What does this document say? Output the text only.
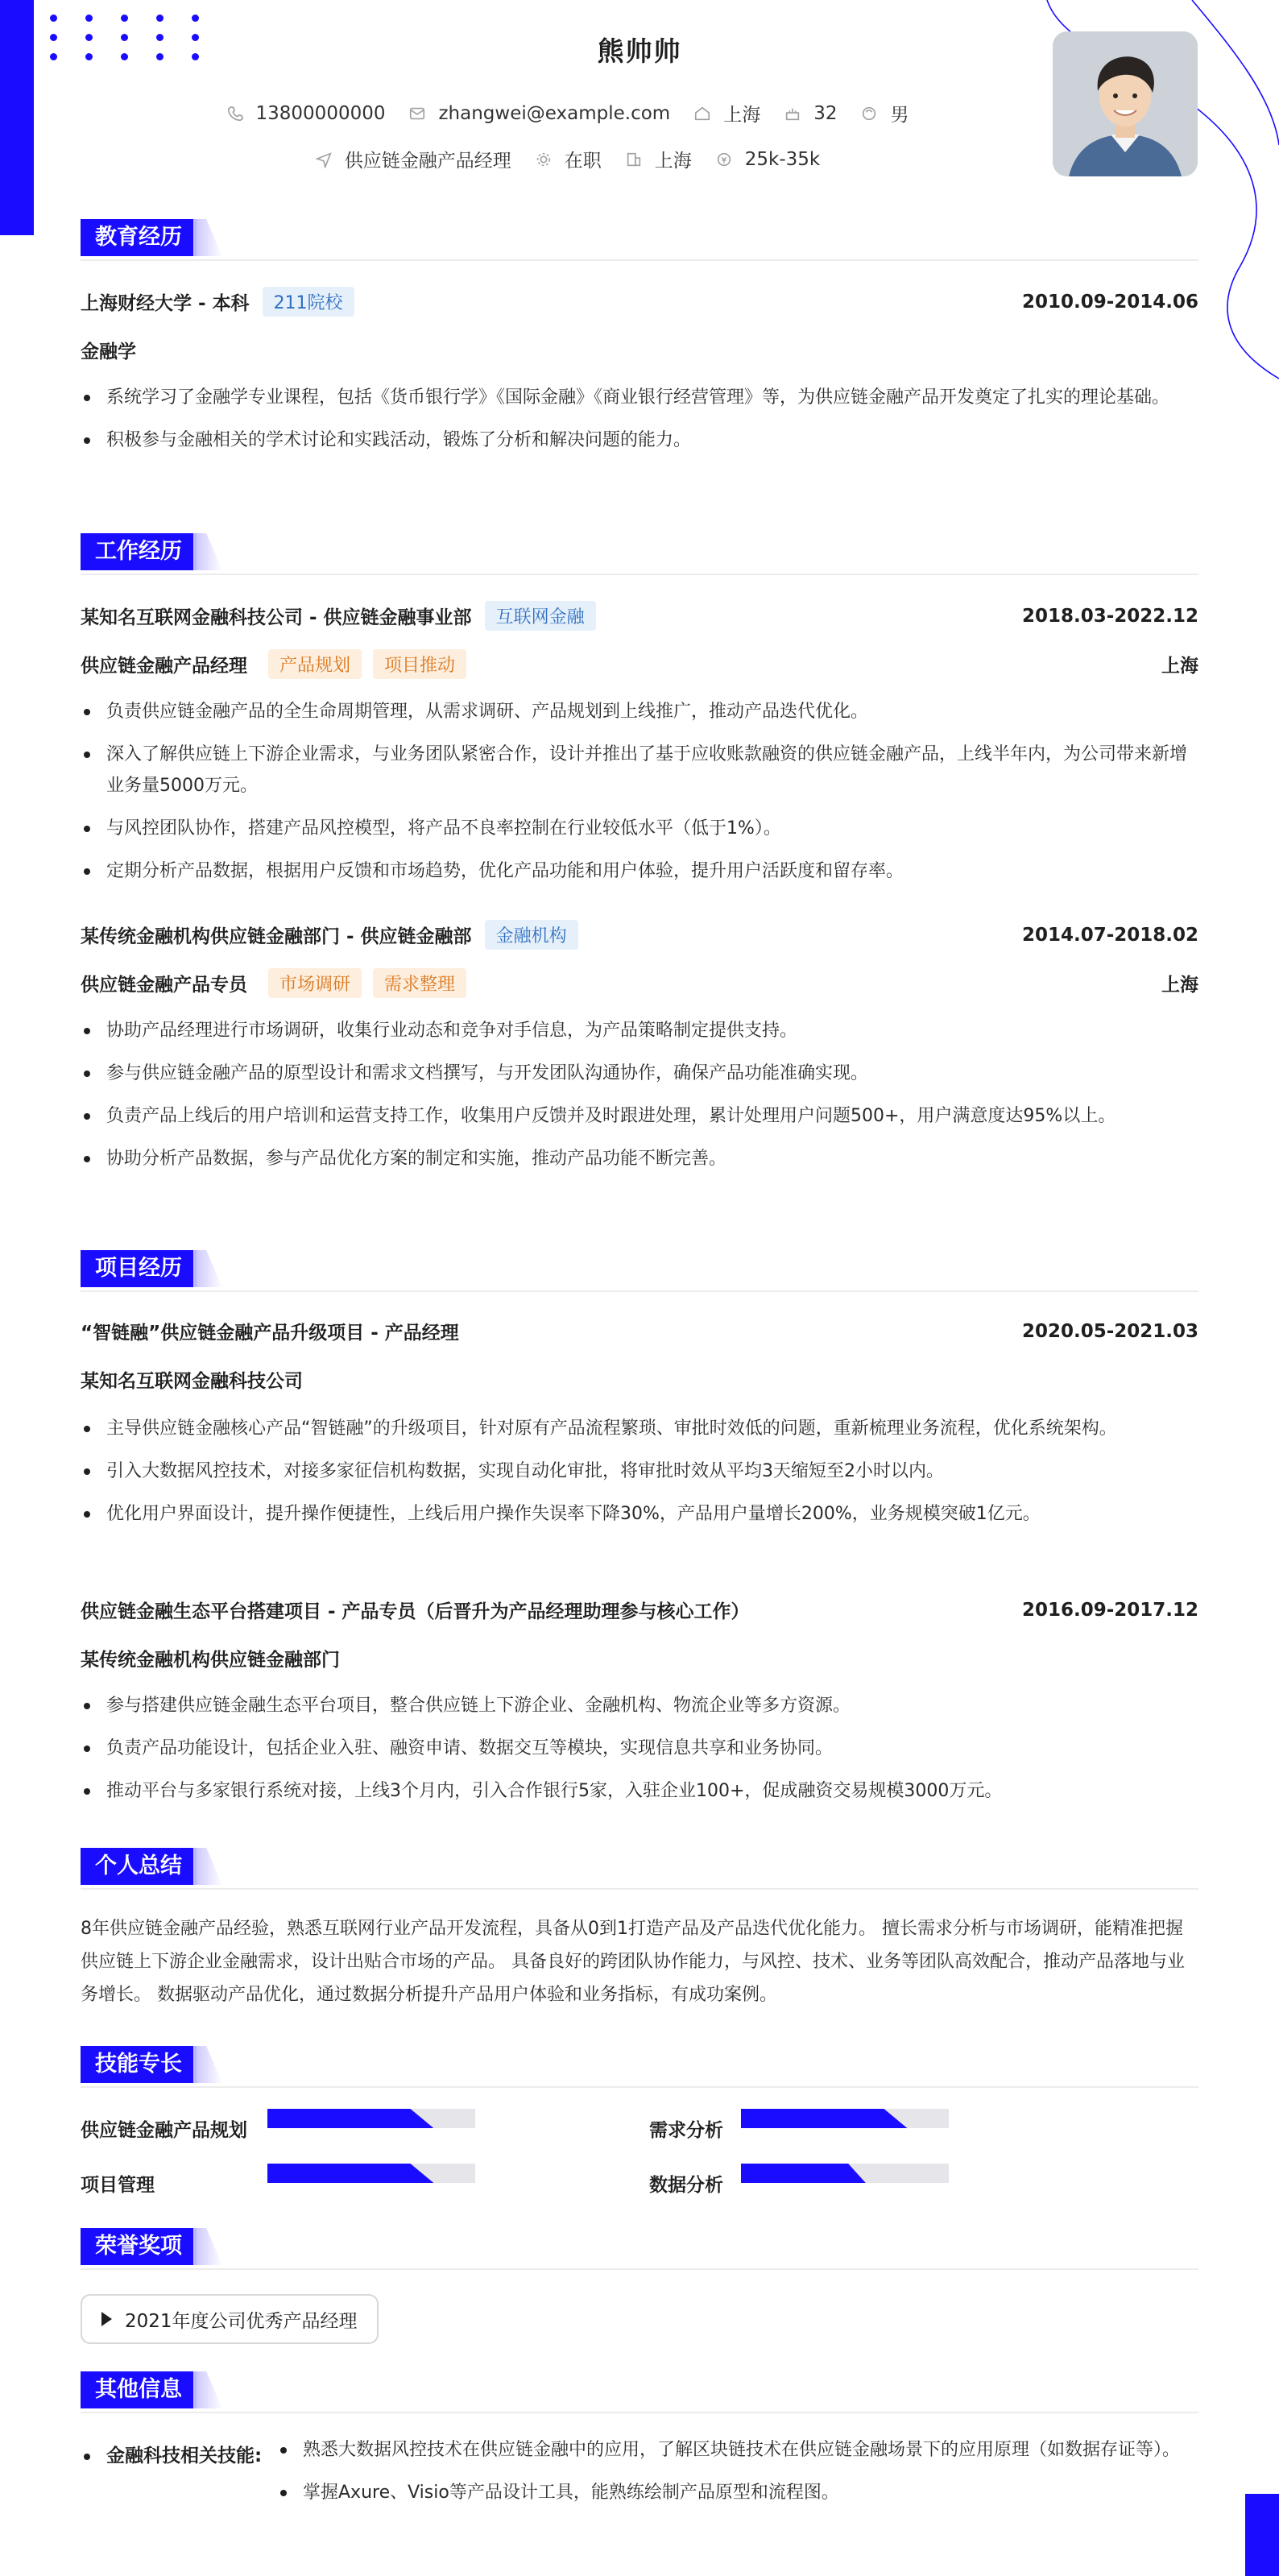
熊帅帅
13800000000	zhangwei@example.com	上海	32	男
供应链金融产品经理	在职	上海	25k-35k
教育经历
上海财经大学 - 本科	211院校	2010.09-2014.06
金融学
系统学习了金融学专业课程，包括《货币银行学》《国际金融》《商业银行经营管理》等，为供应链金融产品开发奠定了扎实的理论基础。
积极参与金融相关的学术讨论和实践活动，锻炼了分析和解决问题的能力。
工作经历
某知名互联网金融科技公司 - 供应链金融事业部	互联网金融	2018.03-2022.12
供应链金融产品经理	产品规划	项目推动	上海
负责供应链金融产品的全生命周期管理，从需求调研、产品规划到上线推广，推动产品迭代优化。
深入了解供应链上下游企业需求，与业务团队紧密合作，设计并推出了基于应收账款融资的供应链金融产品，上线半年内，为公司带来新增业务量5000万元。
与风控团队协作，搭建产品风控模型，将产品不良率控制在行业较低水平（低于1%）。
定期分析产品数据，根据用户反馈和市场趋势，优化产品功能和用户体验，提升用户活跃度和留存率。
某传统金融机构供应链金融部门 - 供应链金融部	金融机构	2014.07-2018.02
供应链金融产品专员	市场调研	需求整理	上海
协助产品经理进行市场调研，收集行业动态和竞争对手信息，为产品策略制定提供支持。
参与供应链金融产品的原型设计和需求文档撰写，与开发团队沟通协作，确保产品功能准确实现。
负责产品上线后的用户培训和运营支持工作，收集用户反馈并及时跟进处理，累计处理用户问题500+，用户满意度达95%以上。
协助分析产品数据，参与产品优化方案的制定和实施，推动产品功能不断完善。
项目经历
“智链融”供应链金融产品升级项目 - 产品经理	2020.05-2021.03
某知名互联网金融科技公司
主导供应链金融核心产品“智链融”的升级项目，针对原有产品流程繁琐、审批时效低的问题，重新梳理业务流程，优化系统架构。
引入大数据风控技术，对接多家征信机构数据，实现自动化审批，将审批时效从平均3天缩短至2小时以内。
优化用户界面设计，提升操作便捷性，上线后用户操作失误率下降30%，产品用户量增长200%，业务规模突破1亿元。
供应链金融生态平台搭建项目 - 产品专员（后晋升为产品经理助理参与核心工作）	2016.09-2017.12
某传统金融机构供应链金融部门
参与搭建供应链金融生态平台项目，整合供应链上下游企业、金融机构、物流企业等多方资源。
负责产品功能设计，包括企业入驻、融资申请、数据交互等模块，实现信息共享和业务协同。
推动平台与多家银行系统对接，上线3个月内，引入合作银行5家，入驻企业100+，促成融资交易规模3000万元。
个人总结
8年供应链金融产品经验，熟悉互联网行业产品开发流程，具备从0到1打造产品及产品迭代优化能力。 擅长需求分析与市场调研，能精准把握供应链上下游企业金融需求，设计出贴合市场的产品。 具备良好的跨团队协作能力，与风控、技术、业务等团队高效配合，推动产品落地与业务增长。 数据驱动产品优化，通过数据分析提升产品用户体验和业务指标，有成功案例。
技能专长
供应链金融产品规划	需求分析
项目管理	数据分析
荣誉奖项
2021年度公司优秀产品经理
其他信息
金融科技相关技能:	熟悉大数据风控技术在供应链金融中的应用，了解区块链技术在供应链金融场景下的应用原理（如数据存证等）。
掌握Axure、Visio等产品设计工具，能熟练绘制产品原型和流程图。
